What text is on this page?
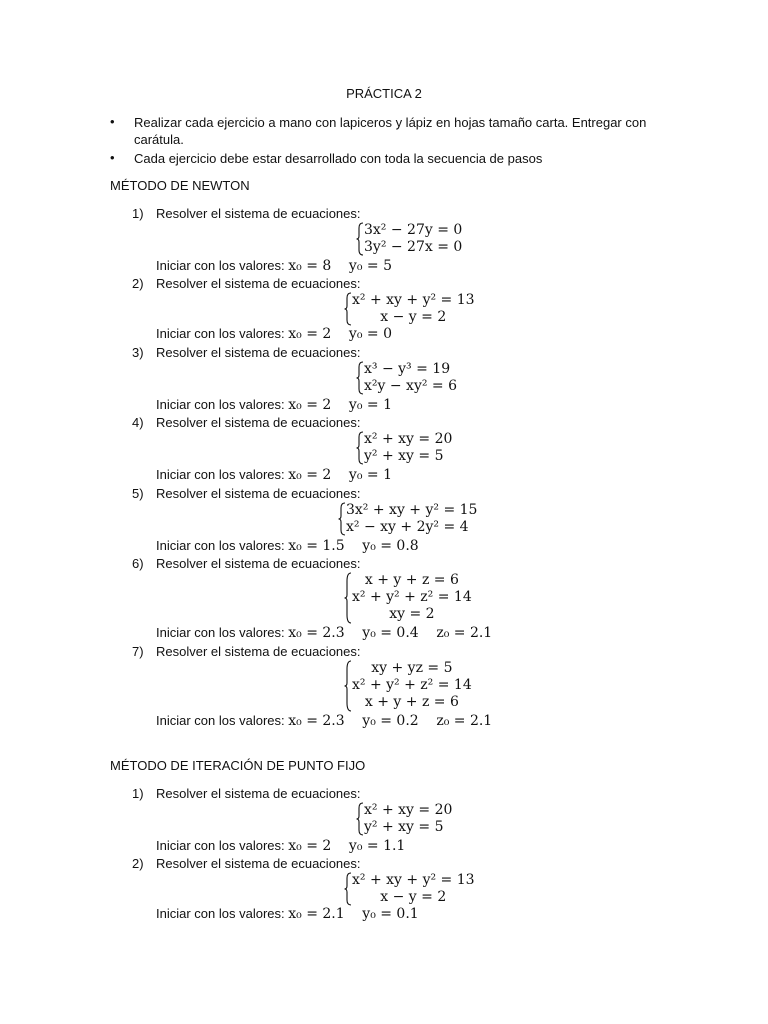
PRÁCTICA 2
• Realizar cada ejercicio a mano con lapiceros y lápiz en hojas tamaño carta. Entregar con carátula.
• Cada ejercicio debe estar desarrollado con toda la secuencia de pasos
MÉTODO DE NEWTON
1) Resolver el sistema de ecuaciones:
3x² − 27y = 0
3y² − 27x = 0
Iniciar con los valores: x₀ = 8 y₀ = 5
2) Resolver el sistema de ecuaciones:
x² + xy + y² = 13
x − y = 2
Iniciar con los valores: x₀ = 2 y₀ = 0
3) Resolver el sistema de ecuaciones:
x³ − y³ = 19
x²y − xy² = 6
Iniciar con los valores: x₀ = 2 y₀ = 1
4) Resolver el sistema de ecuaciones:
x² + xy = 20
y² + xy = 5
Iniciar con los valores: x₀ = 2 y₀ = 1
5) Resolver el sistema de ecuaciones:
3x² + xy + y² = 15
x² − xy + 2y² = 4
Iniciar con los valores: x₀ = 1.5 y₀ = 0.8
6) Resolver el sistema de ecuaciones:
x + y + z = 6
x² + y² + z² = 14
xy = 2
Iniciar con los valores: x₀ = 2.3 y₀ = 0.4 z₀ = 2.1
7) Resolver el sistema de ecuaciones:
xy + yz = 5
x² + y² + z² = 14
x + y + z = 6
Iniciar con los valores: x₀ = 2.3 y₀ = 0.2 z₀ = 2.1
MÉTODO DE ITERACIÓN DE PUNTO FIJO
1) Resolver el sistema de ecuaciones:
x² + xy = 20
y² + xy = 5
Iniciar con los valores: x₀ = 2 y₀ = 1.1
2) Resolver el sistema de ecuaciones:
x² + xy + y² = 13
x − y = 2
Iniciar con los valores: x₀ = 2.1 y₀ = 0.1
